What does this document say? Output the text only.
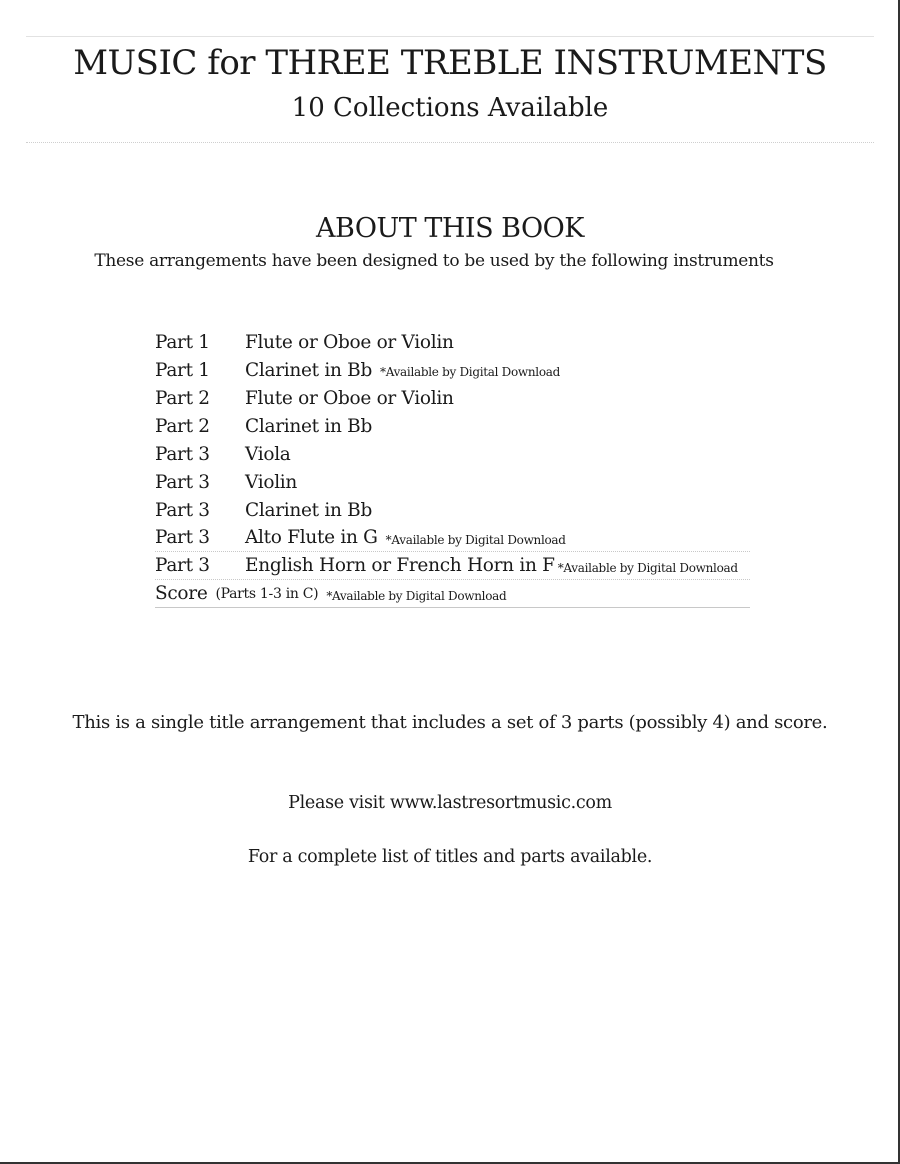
MUSIC for THREE TREBLE INSTRUMENTS
10 Collections Available
ABOUT THIS BOOK

These arrangements have been designed to be used by the following instruments

Part 1	Flute or Oboe or Violin
Part 1	Clarinet in Bb *Available by Digital Download
Part 2	Flute or Oboe or Violin
Part 2	Clarinet in Bb
Part 3	Viola
Part 3	Violin
Part 3	Clarinet in Bb
Part 3	Alto Flute in G *Available by Digital Download
Part 3	English Horn or French Horn in F *Available by Digital Download
Score (Parts 1-3 in C) *Available by Digital Download

This is a single title arrangement that includes a set of 3 parts (possibly 4) and score.

Please visit www.lastresortmusic.com

For a complete list of titles and parts available.
